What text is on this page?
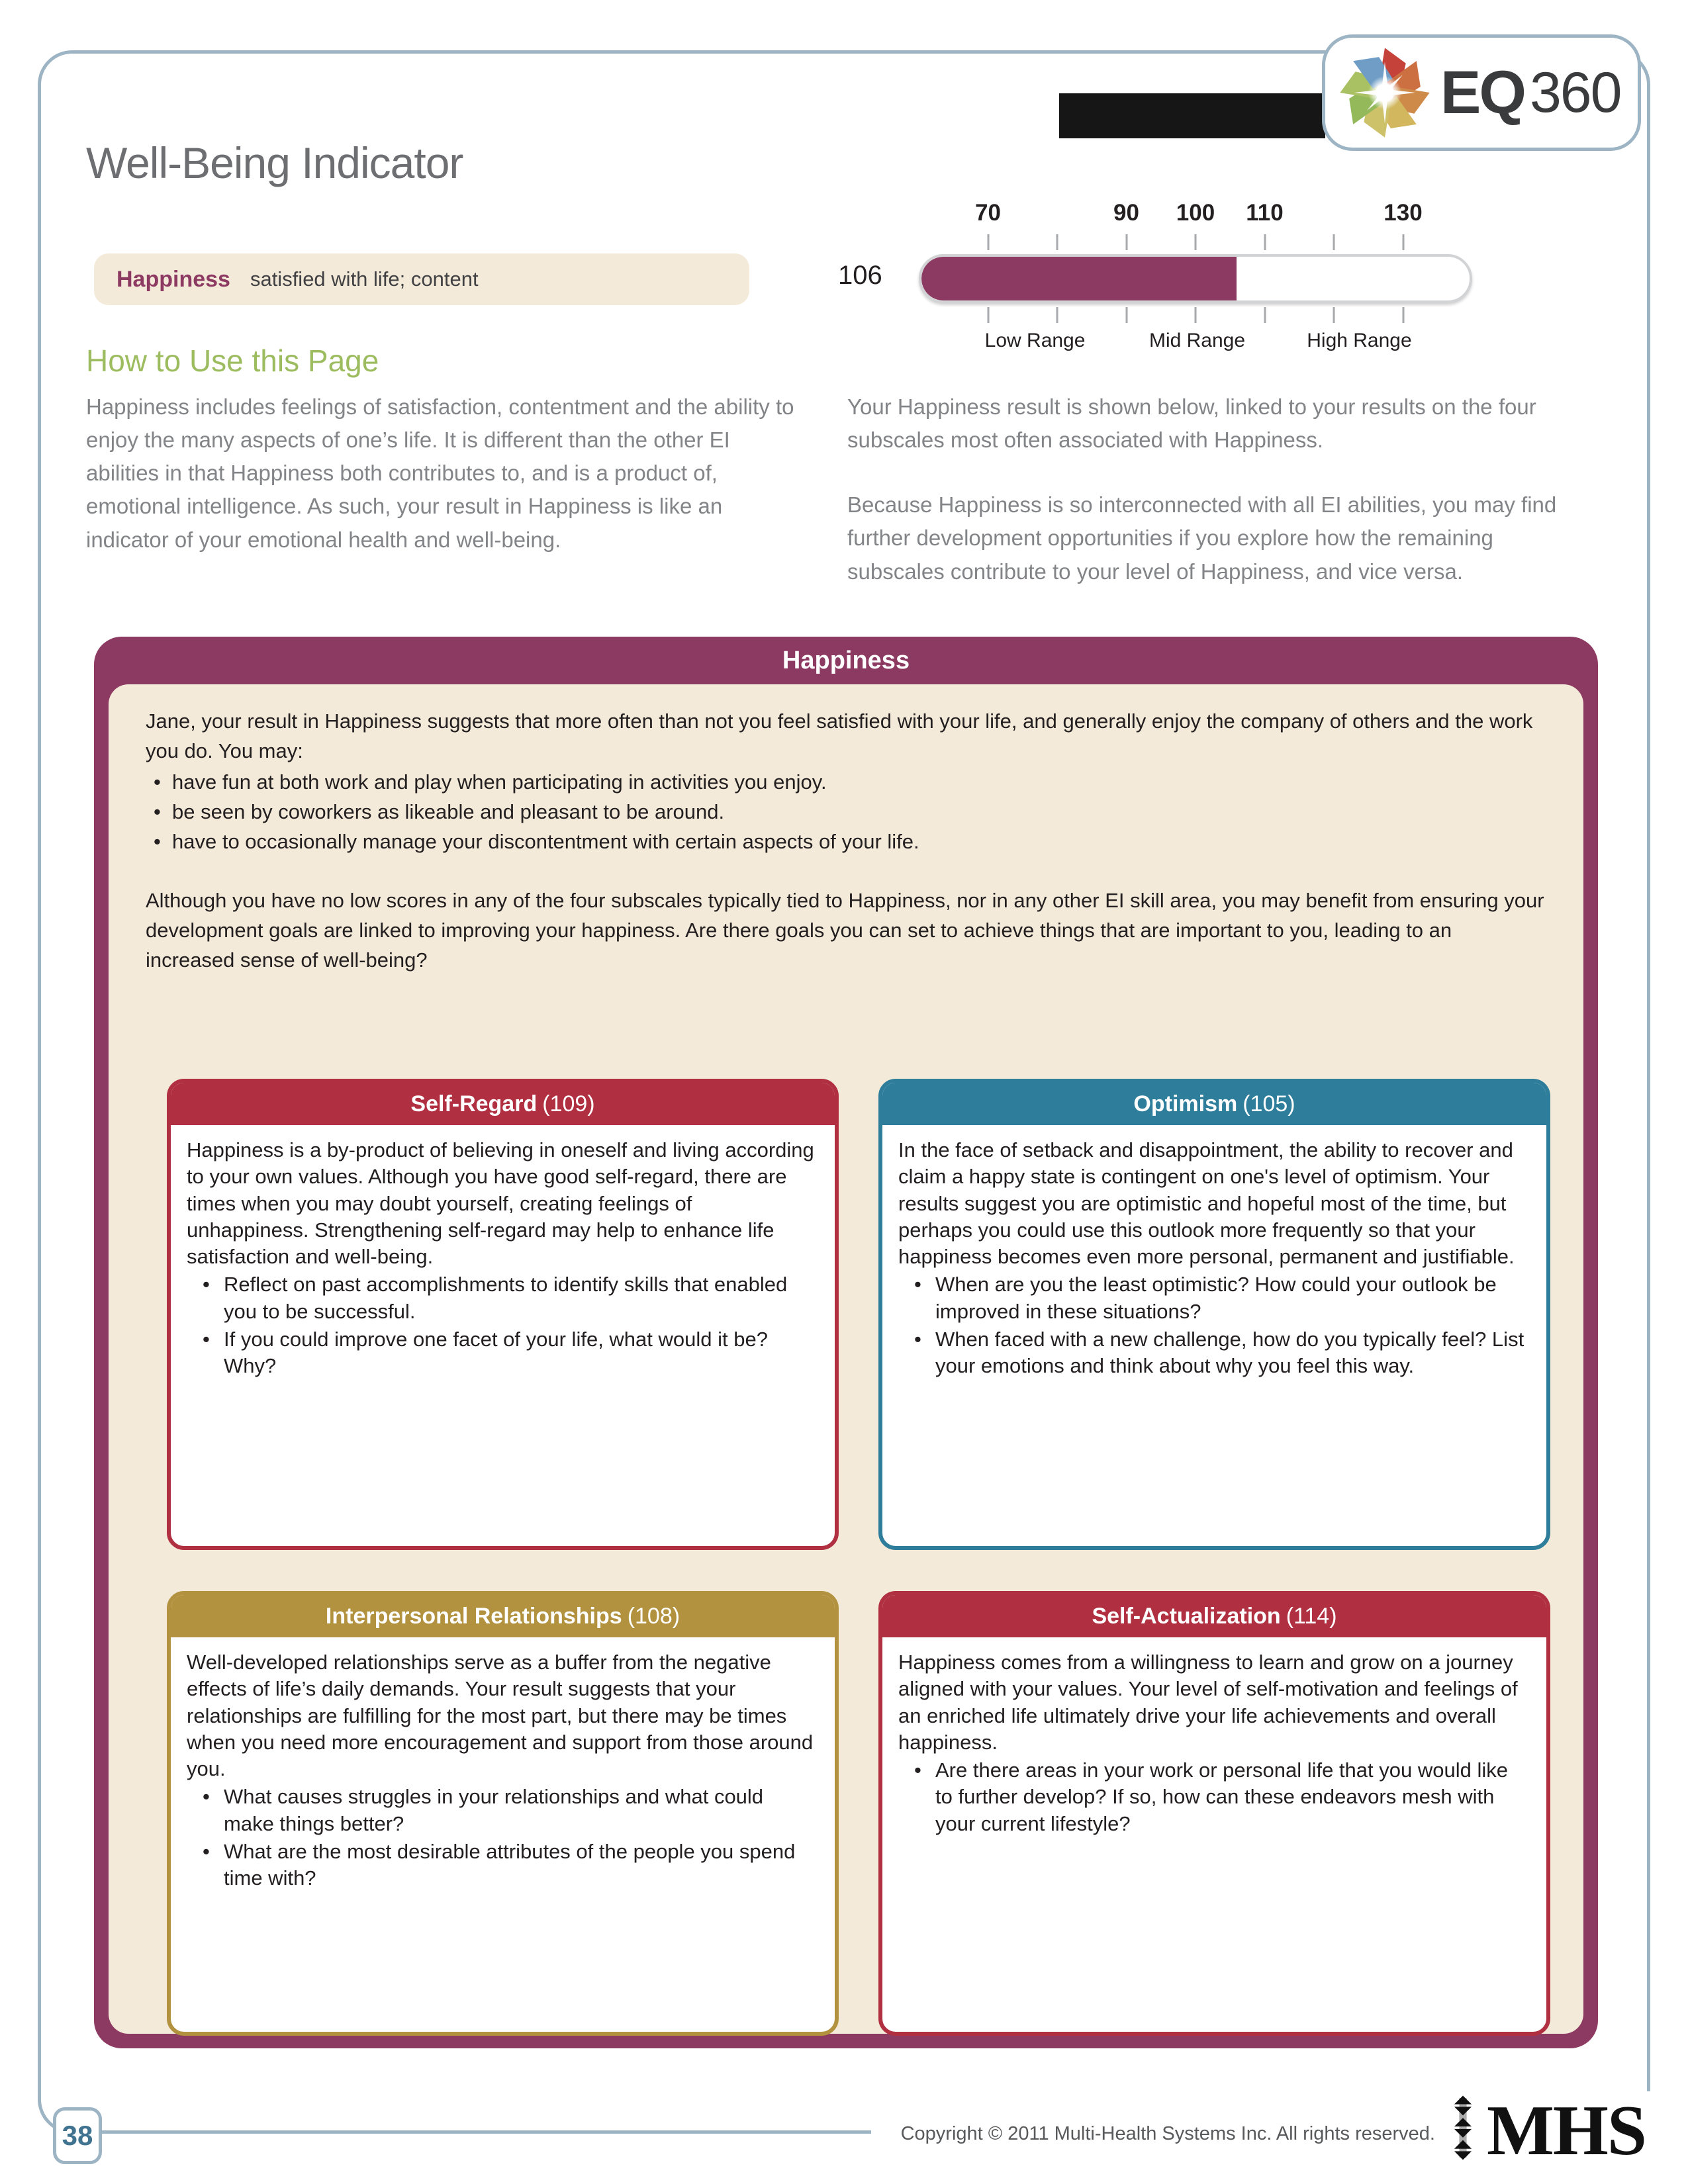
EQ 360
Well-Being Indicator
Happiness satisfied with life; content
70	90 100 110	130
106
Low Range	Mid Range	High Range
How to Use this Page
Happiness includes feelings of satisfaction, contentment and the ability to enjoy the many aspects of one’s life. It is different than the other EI abilities in that Happiness both contributes to, and is a product of, emotional intelligence. As such, your result in Happiness is like an indicator of your emotional health and well-being.

Your Happiness result is shown below, linked to your results on the four subscales most often associated with Happiness.

Because Happiness is so interconnected with all EI abilities, you may find further development opportunities if you explore how the remaining subscales contribute to your level of Happiness, and vice versa.

Happiness
Jane, your result in Happiness suggests that more often than not you feel satisfied with your life, and generally enjoy the company of others and the work you do. You may:
• have fun at both work and play when participating in activities you enjoy.
• be seen by coworkers as likeable and pleasant to be around.
• have to occasionally manage your discontentment with certain aspects of your life.
Although you have no low scores in any of the four subscales typically tied to Happiness, nor in any other EI skill area, you may benefit from ensuring your development goals are linked to improving your happiness. Are there goals you can set to achieve things that are important to you, leading to an increased sense of well-being?
Self-Regard (109)
Happiness is a by-product of believing in oneself and living according to your own values. Although you have good self-regard, there are times when you may doubt yourself, creating feelings of unhappiness. Strengthening self-regard may help to enhance life satisfaction and well-being.
• Reflect on past accomplishments to identify skills that enabled you to be successful.
• If you could improve one facet of your life, what would it be? Why?
Optimism (105)
In the face of setback and disappointment, the ability to recover and claim a happy state is contingent on one's level of optimism. Your results suggest you are optimistic and hopeful most of the time, but perhaps you could use this outlook more frequently so that your happiness becomes even more personal, permanent and justifiable.
• When are you the least optimistic? How could your outlook be improved in these situations?
• When faced with a new challenge, how do you typically feel? List your emotions and think about why you feel this way.
Interpersonal Relationships (108)
Well-developed relationships serve as a buffer from the negative effects of life’s daily demands. Your result suggests that your relationships are fulfilling for the most part, but there may be times when you need more encouragement and support from those around you.
• What causes struggles in your relationships and what could make things better?
• What are the most desirable attributes of the people you spend time with?
Self-Actualization (114)
Happiness comes from a willingness to learn and grow on a journey aligned with your values. Your level of self-motivation and feelings of an enriched life ultimately drive your life achievements and overall happiness.
• Are there areas in your work or personal life that you would like to further develop? If so, how can these endeavors mesh with your current lifestyle?
Copyright © 2011 Multi-Health Systems Inc. All rights reserved. MHS
38
